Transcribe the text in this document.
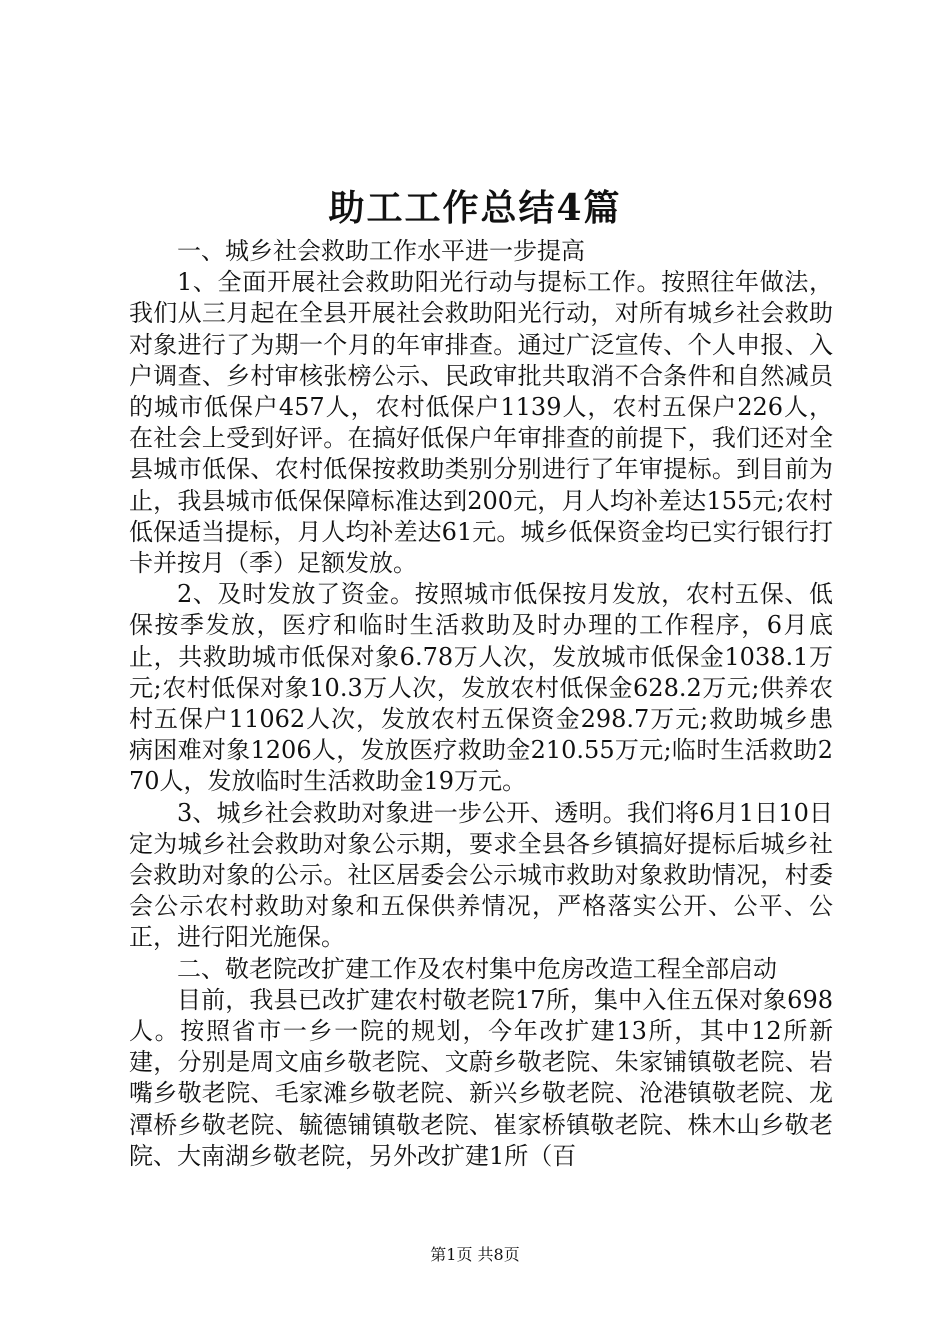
助工工作总结4篇

一、城乡社会救助工作水平进一步提高

1、全面开展社会救助阳光行动与提标工作。按照往年做法，我们从三月起在全县开展社会救助阳光行动，对所有城乡社会救助对象进行了为期一个月的年审排查。通过广泛宣传、个人申报、入户调查、乡村审核张榜公示、民政审批共取消不合条件和自然减员的城市低保户457人，农村低保户1139人，农村五保户226人，在社会上受到好评。在搞好低保户年审排查的前提下，我们还对全县城市低保、农村低保按救助类别分别进行了年审提标。到目前为止，我县城市低保保障标准达到200元，月人均补差达155元;农村低保适当提标，月人均补差达61元。城乡低保资金均已实行银行打卡并按月（季）足额发放。

2、及时发放了资金。按照城市低保按月发放，农村五保、低保按季发放，医疗和临时生活救助及时办理的工作程序，6月底止，共救助城市低保对象6.78万人次，发放城市低保金1038.1万元;农村低保对象10.3万人次，发放农村低保金628.2万元;供养农村五保户11062人次，发放农村五保资金298.7万元;救助城乡患病困难对象1206人，发放医疗救助金210.55万元;临时生活救助270人，发放临时生活救助金19万元。

3、城乡社会救助对象进一步公开、透明。我们将6月1日10日定为城乡社会救助对象公示期，要求全县各乡镇搞好提标后城乡社会救助对象的公示。社区居委会公示城市救助对象救助情况，村委会公示农村救助对象和五保供养情况，严格落实公开、公平、公正，进行阳光施保。

二、敬老院改扩建工作及农村集中危房改造工程全部启动

目前，我县已改扩建农村敬老院17所，集中入住五保对象698人。按照省市一乡一院的规划，今年改扩建13所，其中12所新建，分别是周文庙乡敬老院、文蔚乡敬老院、朱家铺镇敬老院、岩嘴乡敬老院、毛家滩乡敬老院、新兴乡敬老院、沧港镇敬老院、龙潭桥乡敬老院、毓德铺镇敬老院、崔家桥镇敬老院、株木山乡敬老院、大南湖乡敬老院，另外改扩建1所（百

第1页 共8页
